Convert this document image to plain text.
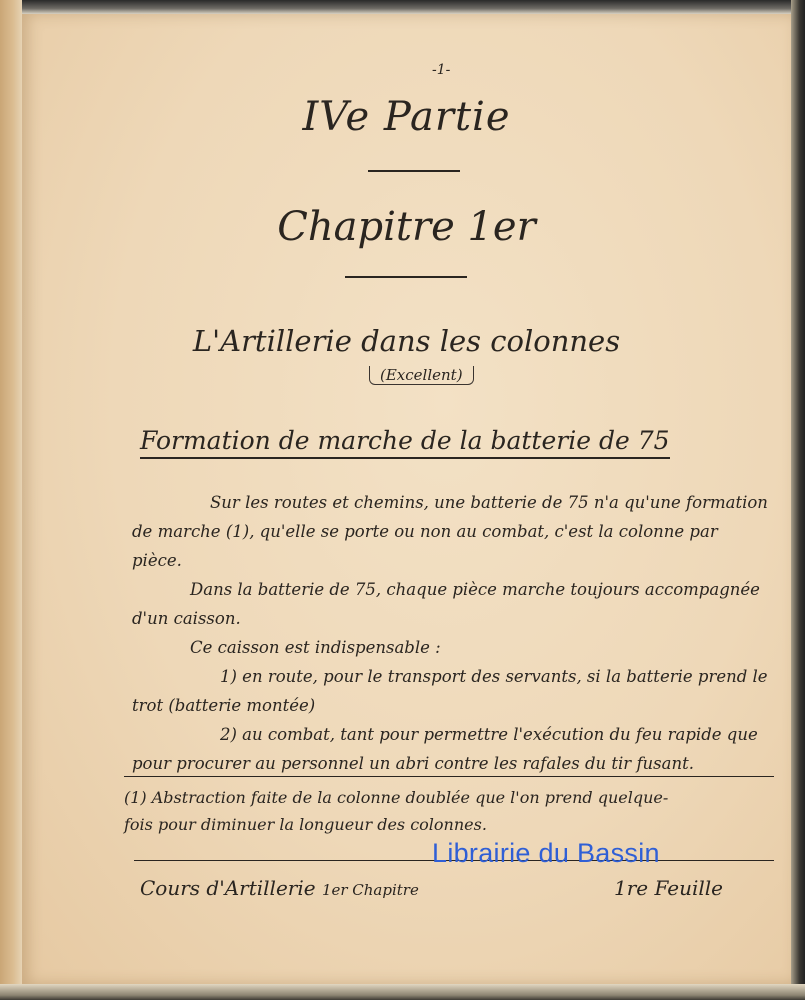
-1-
IVe Partie
Chapitre 1er
L'Artillerie dans les colonnes
(Excellent)
Formation de marche de la batterie de 75

Sur les routes et chemins, une batterie de 75 n'a qu'une formation de marche (1), qu'elle se porte ou non au combat, c'est la colonne par pièce.

Dans la batterie de 75, chaque pièce marche toujours accompagnée d'un caisson.

Ce caisson est indispensable :

1) en route, pour le transport des servants, si la batterie prend le trot (batterie montée)

2) au combat, tant pour permettre l'exécution du feu rapide que pour procurer au personnel un abri contre les rafales du tir fusant.

(1) Abstraction faite de la colonne doublée que l'on prend quelque-

fois pour diminuer la longueur des colonnes.

Cours d'Artillerie 1er Chapitre	1re Feuille
Librairie du Bassin
